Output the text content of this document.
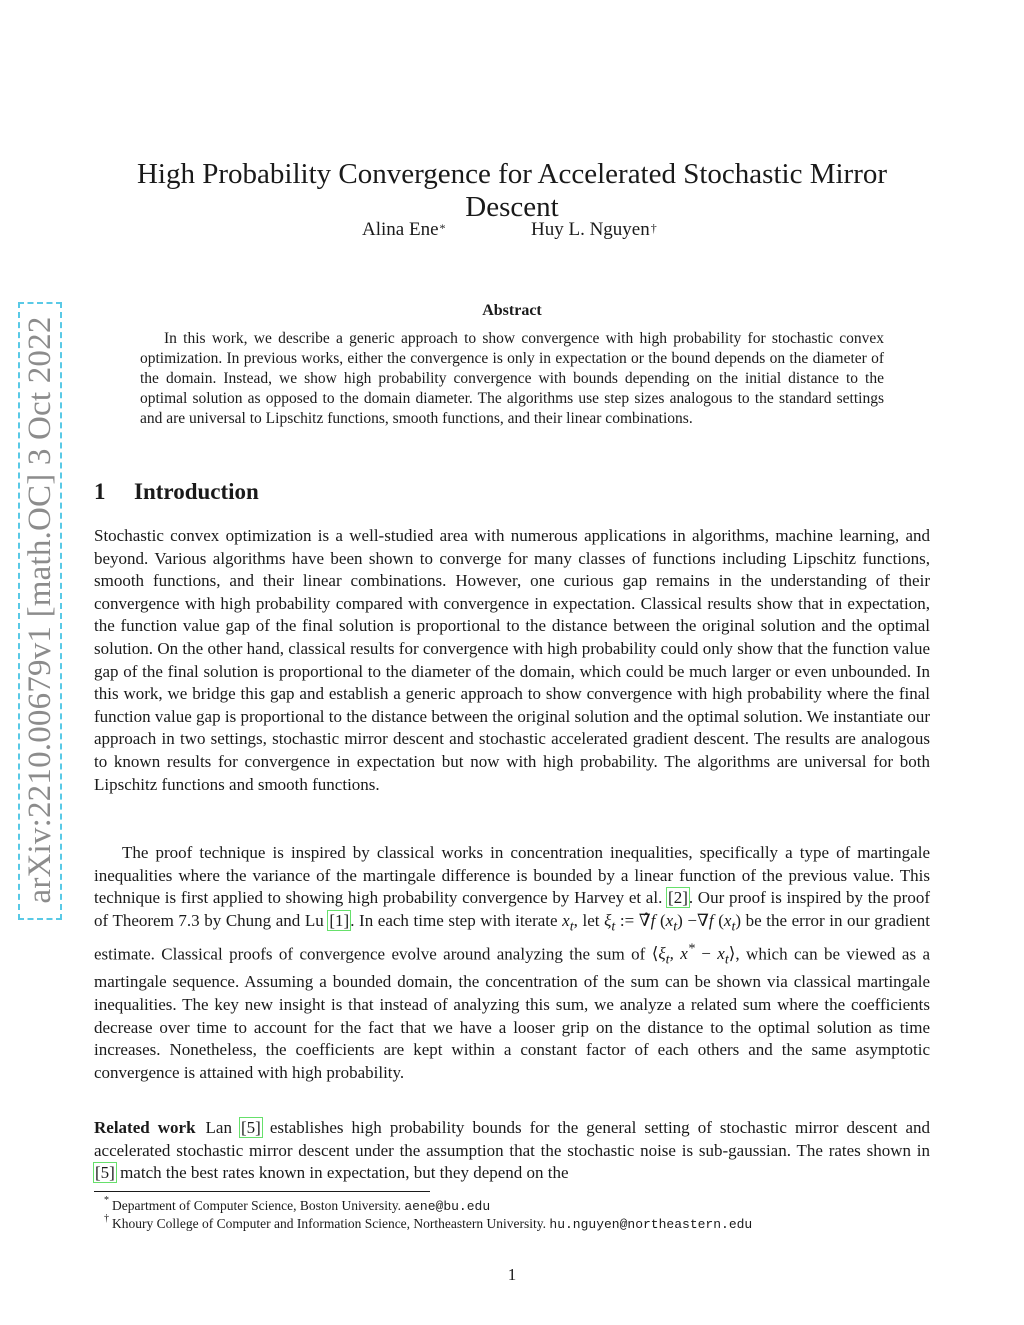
arXiv:2210.00679v1 [math.OC] 3 Oct 2022
High Probability Convergence for Accelerated Stochastic Mirror Descent
Alina Ene*	Huy L. Nguyen†
Abstract
In this work, we describe a generic approach to show convergence with high probability for stochastic convex optimization. In previous works, either the convergence is only in expectation or the bound depends on the diameter of the domain. Instead, we show high probability convergence with bounds depending on the initial distance to the optimal solution as opposed to the domain diameter. The algorithms use step sizes analogous to the standard settings and are universal to Lipschitz functions, smooth functions, and their linear combinations.
1 Introduction
Stochastic convex optimization is a well-studied area with numerous applications in algorithms, machine learning, and beyond. Various algorithms have been shown to converge for many classes of functions including Lipschitz functions, smooth functions, and their linear combinations. However, one curious gap remains in the understanding of their convergence with high probability compared with convergence in expectation. Classical results show that in expectation, the function value gap of the final solution is proportional to the distance between the original solution and the optimal solution. On the other hand, classical results for convergence with high probability could only show that the function value gap of the final solution is proportional to the diameter of the domain, which could be much larger or even unbounded. In this work, we bridge this gap and establish a generic approach to show convergence with high probability where the final function value gap is proportional to the distance between the original solution and the optimal solution. We instantiate our approach in two settings, stochastic mirror descent and stochastic accelerated gradient descent. The results are analogous to known results for convergence in expectation but now with high probability. The algorithms are universal for both Lipschitz functions and smooth functions.
The proof technique is inspired by classical works in concentration inequalities, specifically a type of martingale inequalities where the variance of the martingale difference is bounded by a linear function of the previous value. This technique is first applied to showing high probability convergence by Harvey et al. [2]. Our proof is inspired by the proof of Theorem 7.3 by Chung and Lu [1]. In each time step with iterate $x_t$, let $\xi_t$ := ∇̂f $(x_t) -\nabla f$ $(x_t)$ be the error in our gradient estimate. Classical proofs of convergence evolve around analyzing the sum of $⟨\xi_t$, $x^* - x_t⟩$, which can be viewed as a martingale sequence. Assuming a bounded domain, the concentration of the sum can be shown via classical martingale inequalities. The key new insight is that instead of analyzing this sum, we analyze a related sum where the coefficients decrease over time to account for the fact that we have a looser grip on the distance to the optimal solution as time increases. Nonetheless, the coefficients are kept within a constant factor of each others and the same asymptotic convergence is attained with high probability.
Related work Lan [5] establishes high probability bounds for the general setting of stochastic mirror descent and accelerated stochastic mirror descent under the assumption that the stochastic noise is sub-gaussian. The rates shown in [5] match the best rates known in expectation, but they depend on the
* Department of Computer Science, Boston University. aene@bu.edu
† Khoury College of Computer and Information Science, Northeastern University. hu.nguyen@northeastern.edu
1
